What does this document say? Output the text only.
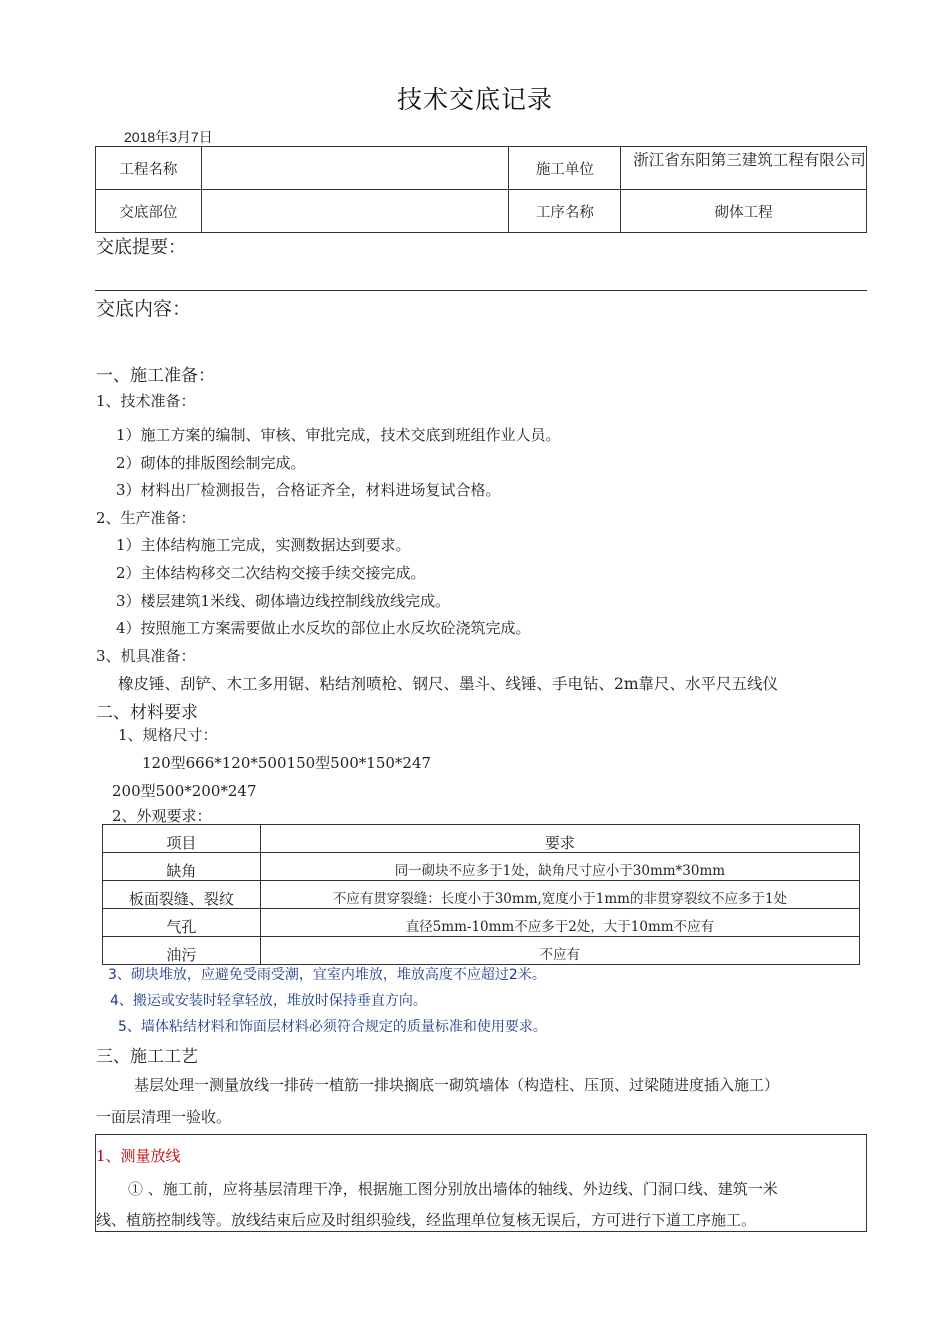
技术交底记录
2018年3月7日
工程名称		施工单位	浙江省东阳第三建筑工程有限公司

交底部位		工序名称	砌体工程
交底提要：
交底内容：
一、施工准备：
1、技术准备：
1）施工方案的编制、审核、审批完成，技术交底到班组作业人员。
2）砌体的排版图绘制完成。
3）材料出厂检测报告，合格证齐全，材料进场复试合格。
2、生产准备：
1）主体结构施工完成，实测数据达到要求。
2）主体结构移交二次结构交接手续交接完成。
3）楼层建筑1米线、砌体墙边线控制线放线完成。
4）按照施工方案需要做止水反坎的部位止水反坎砼浇筑完成。
3、机具准备：
橡皮锤、刮铲、木工多用锯、粘结剂喷枪、钢尺、墨斗、线锤、手电钻、2m靠尺、水平尺五线仪
二、材料要求
1、规格尺寸：
120型666*120*500150型500*150*247
200型500*200*247
2、外观要求：
项目	要求
缺角	同一砌块不应多于1处，缺角尺寸应小于30mm*30mm
板面裂缝、裂纹	不应有贯穿裂缝：长度小于30mm,宽度小于1mm的非贯穿裂纹不应多于1处
气孔	直径5mm-10mm不应多于2处，大于10mm不应有
油污	不应有
3、砌块堆放，应避免受雨受潮，宜室内堆放，堆放高度不应超过2米。
4、搬运或安装时轻拿轻放，堆放时保持垂直方向。
5、墙体粘结材料和饰面层材料必须符合规定的质量标准和使用要求。
三、施工工艺
基层处理一测量放线一排砖一植筋一排块搁底一砌筑墙体（构造柱、压顶、过梁随进度插入施工）
一面层清理一验收。
1、测量放线
① 、施工前，应将基层清理干净，根据施工图分别放出墙体的轴线、外边线、门洞口线、建筑一米
线、植筋控制线等。放线结束后应及时组织验线，经监理单位复核无误后，方可进行下道工序施工。
